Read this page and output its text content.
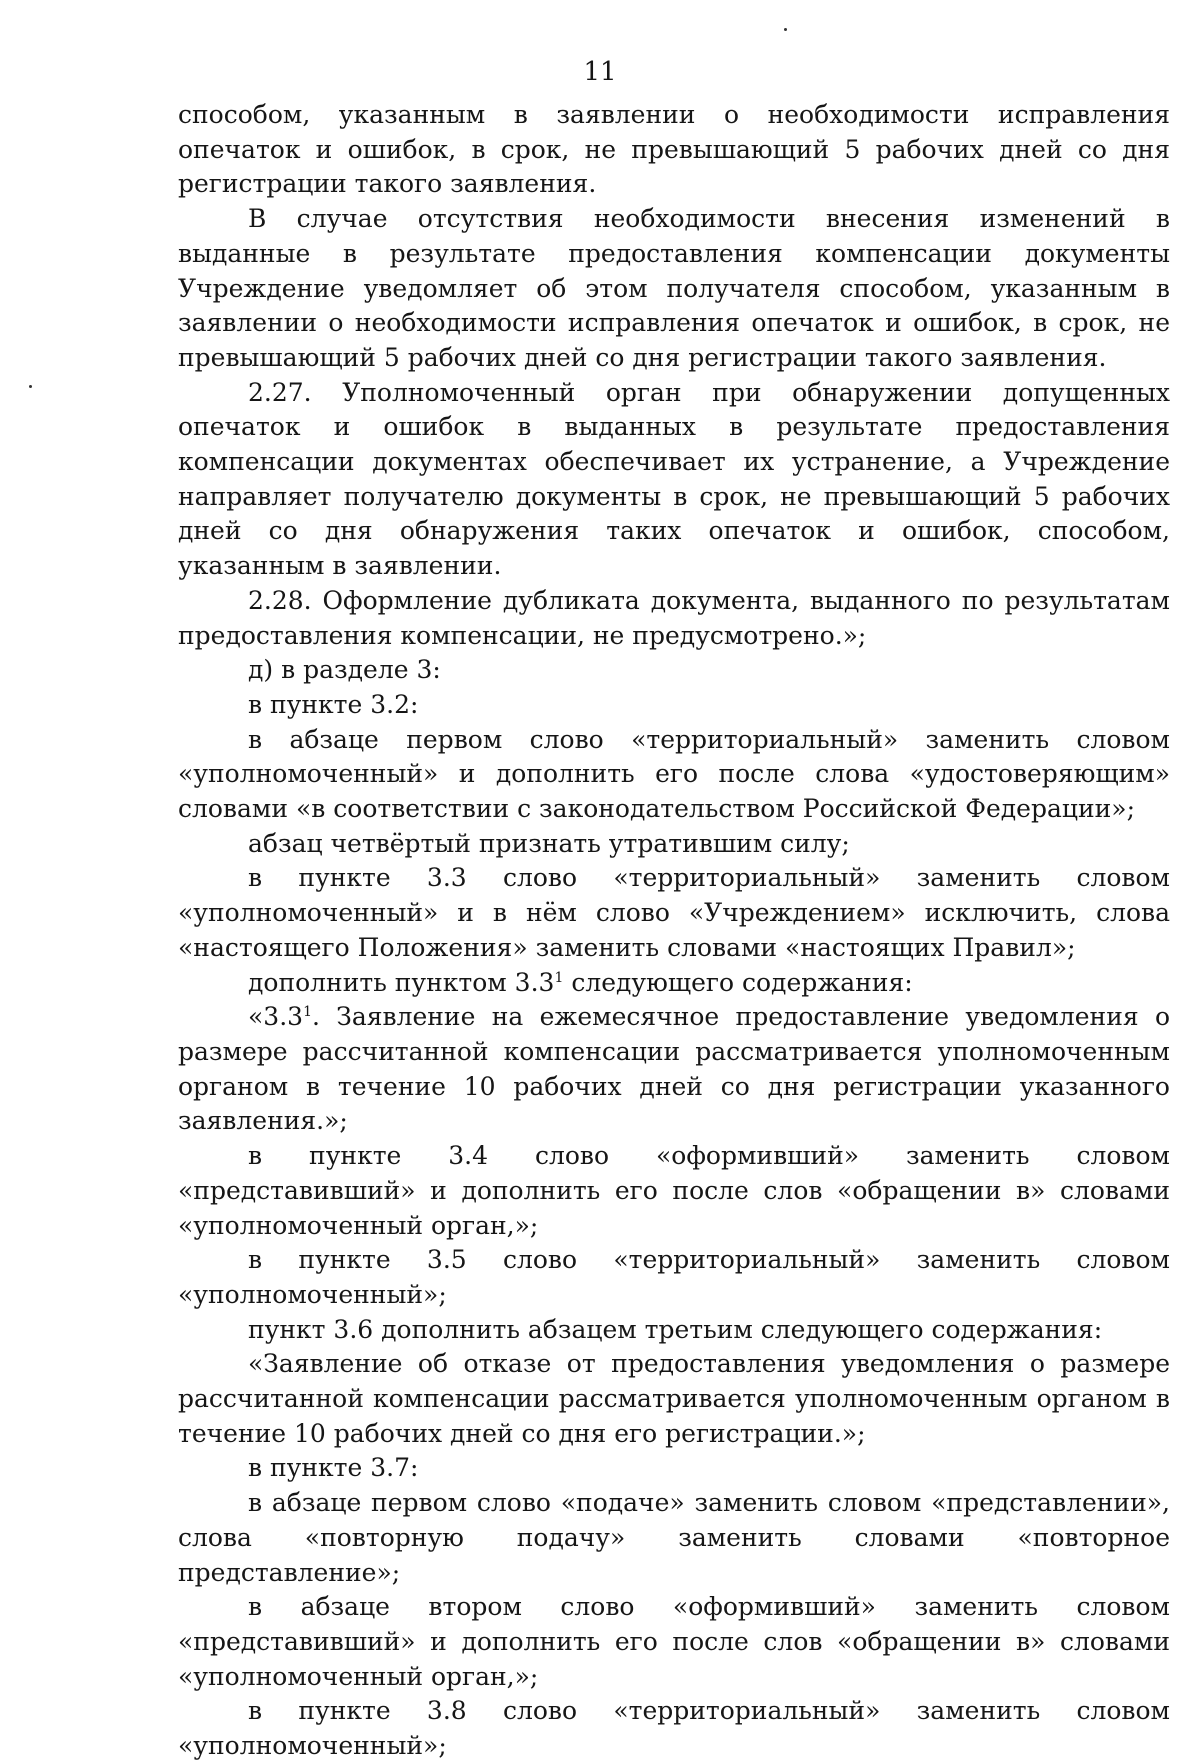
11

способом, указанным в заявлении о необходимости исправления опечаток и ошибок, в срок, не превышающий 5 рабочих дней со дня регистрации такого заявления.

В случае отсутствия необходимости внесения изменений в выданные в результате предоставления компенсации документы Учреждение уведомляет об этом получателя способом, указанным в заявлении о необходимости исправления опечаток и ошибок, в срок, не превышающий 5 рабочих дней со дня регистрации такого заявления.

2.27. Уполномоченный орган при обнаружении допущенных опечаток и ошибок в выданных в результате предоставления компенсации документах обеспечивает их устранение, а Учреждение направляет получателю документы в срок, не превышающий 5 рабочих дней со дня обнаружения таких опечаток и ошибок, способом, указанным в заявлении.

2.28. Оформление дубликата документа, выданного по результатам предоставления компенсации, не предусмотрено.»;

д) в разделе 3:

в пункте 3.2:

в абзаце первом слово «территориальный» заменить словом «уполномоченный» и дополнить его после слова «удостоверяющим» словами «в соответствии с законодательством Российской Федерации»;

абзац четвёртый признать утратившим силу;

в пункте 3.3 слово «территориальный» заменить словом «уполномоченный» и в нём слово «Учреждением» исключить, слова «настоящего Положения» заменить словами «настоящих Правил»;

дополнить пунктом $3.3^1$ следующего содержания:

«$3.3^1$. Заявление на ежемесячное предоставление уведомления о размере рассчитанной компенсации рассматривается уполномоченным органом в течение 10 рабочих дней со дня регистрации указанного заявления.»;

в пункте 3.4 слово «оформивший» заменить словом «представивший» и дополнить его после слов «обращении в» словами «уполномоченный орган,»;

в пункте 3.5 слово «территориальный» заменить словом «уполномоченный»;

пункт 3.6 дополнить абзацем третьим следующего содержания:

«Заявление об отказе от предоставления уведомления о размере рассчитанной компенсации рассматривается уполномоченным органом в течение 10 рабочих дней со дня его регистрации.»;

в пункте 3.7:

в абзаце первом слово «подаче» заменить словом «представлении», слова «повторную подачу» заменить словами «повторное представление»;

в абзаце втором слово «оформивший» заменить словом «представивший» и дополнить его после слов «обращении в» словами «уполномоченный орган,»;

в пункте 3.8 слово «территориальный» заменить словом «уполномоченный»;
